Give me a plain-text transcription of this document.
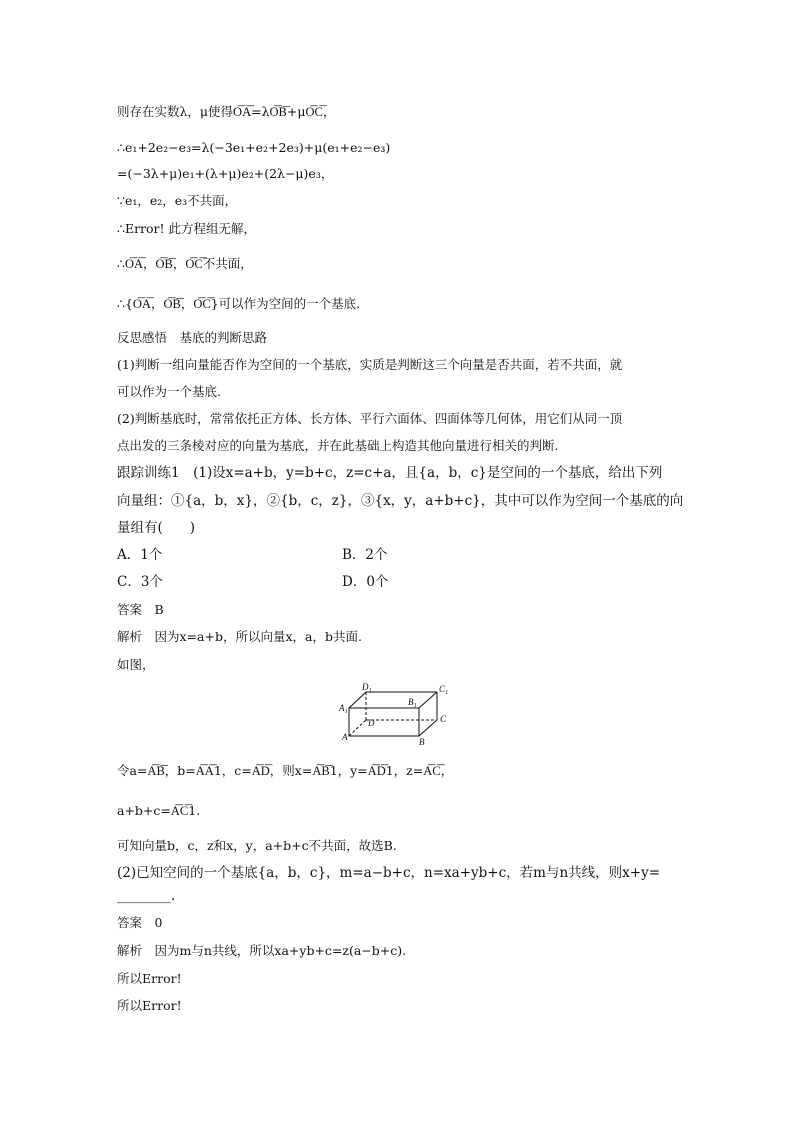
则存在实数λ，μ使得O͞A͞=λO͞B͞+μO͞C͞，
∴e₁+2e₂−e₃=λ(−3e₁+e₂+2e₃)+μ(e₁+e₂−e₃)
=(−3λ+μ)e₁+(λ+μ)e₂+(2λ−μ)e₃，
∵e₁，e₂，e₃不共面，
∴Error! 此方程组无解，
∴O͞A͞，O͞B͞，O͞C͞不共面，
∴{O͞A͞，O͞B͞，O͞C͞}可以作为空间的一个基底.
反思感悟　基底的判断思路
(1)判断一组向量能否作为空间的一个基底，实质是判断这三个向量是否共面，若不共面，就
可以作为一个基底.
(2)判断基底时，常常依托正方体、长方体、平行六面体、四面体等几何体，用它们从同一顶
点出发的三条棱对应的向量为基底，并在此基础上构造其他向量进行相关的判断.
跟踪训练1　(1)设x=a+b，y=b+c，z=c+a，且{a，b，c}是空间的一个基底，给出下列
向量组：①{a，b，x}，②{b，c，z}，③{x，y，a+b+c}，其中可以作为空间一个基底的向
量组有(　　)
A．1个	B．2个
C．3个	D．0个
答案　B
解析　因为x=a+b，所以向量x，a，b共面.
如图，
D₁	C₁
A₁
B₁
D	C
A	B
令a=A͞B͞，b=A͞A͞1，c=A͞D͞，则x=A͞B͞1，y=A͞D͞1，z=A͞C͞，
a+b+c=A͞C͞1.
可知向量b，c，z和x，y，a+b+c不共面，故选B.
(2)已知空间的一个基底{a，b，c}，m=a−b+c，n=xa+yb+c，若m与n共线，则x+y=
________.
答案　0
解析　因为m与n共线，所以xa+yb+c=z(a−b+c).
所以Error!
所以Error!
